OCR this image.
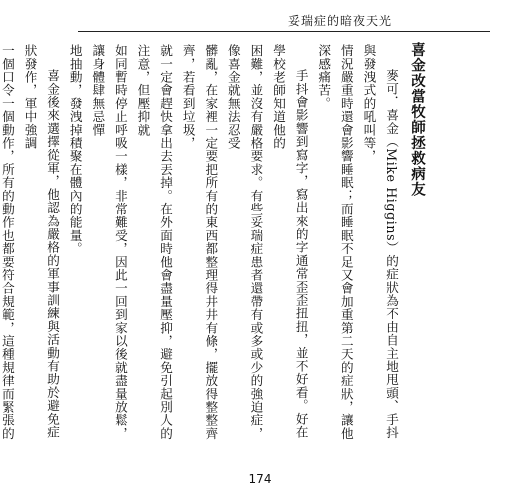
妥瑞症的暗夜天光
喜金改當牧師拯救病友

麥可．喜金（Mike Higgins）的症狀為不由自主地甩頭、手抖與發洩式的吼叫等，

情況嚴重時還會影響睡眠；而睡眠不足又會加重第二天的症狀，讓他深感痛苦。

手抖會影響到寫字，寫出來的字通常歪歪扭扭，並不好看。好在學校老師知道他的

困難，並沒有嚴格要求。有些妥瑞症患者還帶有或多或少的強迫症，像喜金就無法忍受

髒亂，在家裡一定要把所有的東西都整理得井井有條，擺放得整整齊齊，若看到垃圾，

就一定會趕快拿出去丟掉。在外面時他會盡量壓抑，避免引起別人的注意，但壓抑就

如同暫時停止呼吸一樣，非常難受，因此一回到家以後就盡量放鬆，讓身體肆無忌憚

地抽動，發洩掉積聚在體內的能量。

喜金後來選擇從軍，他認為嚴格的軍事訓練與活動有助於避免症狀發作，軍中強調

一個口令一個動作，所有的動作也都要符合規範，這種規律而緊張的

174
